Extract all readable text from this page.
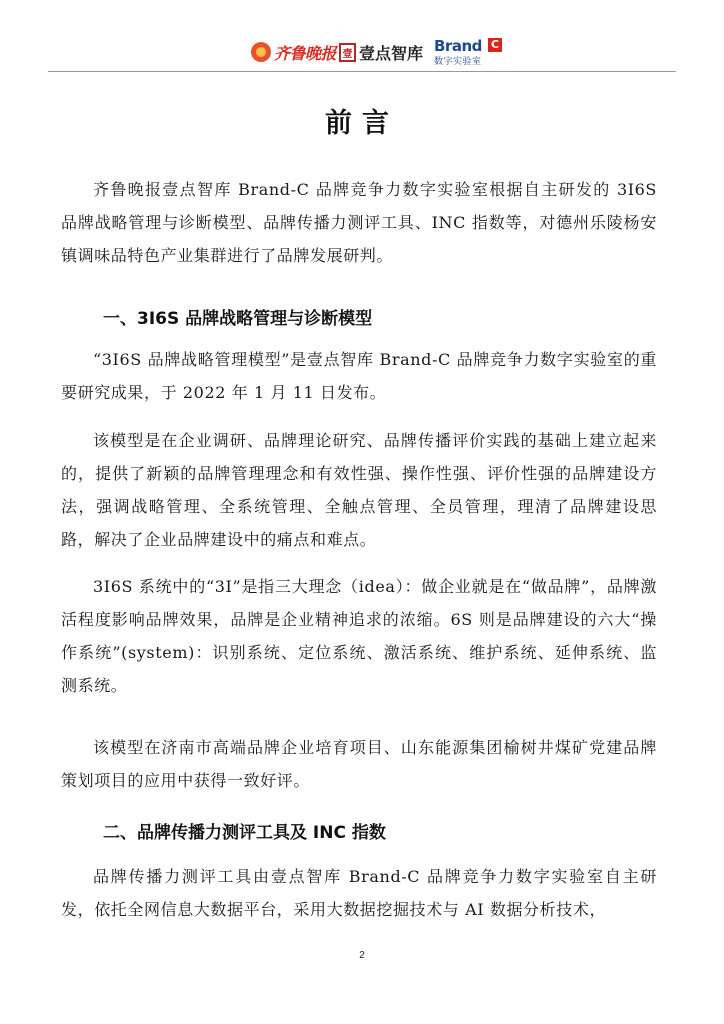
齐鲁晚报 壹 壹点智库 Brand C
数字实验室
前言

齐鲁晚报壹点智库 Brand-C 品牌竞争力数字实验室根据自主研发的 3I6S 品牌战略管理与诊断模型、品牌传播力测评工具、INC 指数等，对德州乐陵杨安镇调味品特色产业集群进行了品牌发展研判。

一、3I6S 品牌战略管理与诊断模型

“3I6S 品牌战略管理模型”是壹点智库 Brand-C 品牌竞争力数字实验室的重要研究成果，于 2022 年 1 月 11 日发布。

该模型是在企业调研、品牌理论研究、品牌传播评价实践的基础上建立起来的，提供了新颖的品牌管理理念和有效性强、操作性强、评价性强的品牌建设方法，强调战略管理、全系统管理、全触点管理、全员管理，理清了品牌建设思路，解决了企业品牌建设中的痛点和难点。

3I6S 系统中的“3I”是指三大理念（idea）：做企业就是在“做品牌”，品牌激活程度影响品牌效果，品牌是企业精神追求的浓缩。6S 则是品牌建设的六大“操作系统”(system)：识别系统、定位系统、激活系统、维护系统、延伸系统、监测系统。

该模型在济南市高端品牌企业培育项目、山东能源集团榆树井煤矿党建品牌策划项目的应用中获得一致好评。

二、品牌传播力测评工具及 INC 指数

品牌传播力测评工具由壹点智库 Brand-C 品牌竞争力数字实验室自主研发，依托全网信息大数据平台，采用大数据挖掘技术与 AI 数据分析技术，

2
